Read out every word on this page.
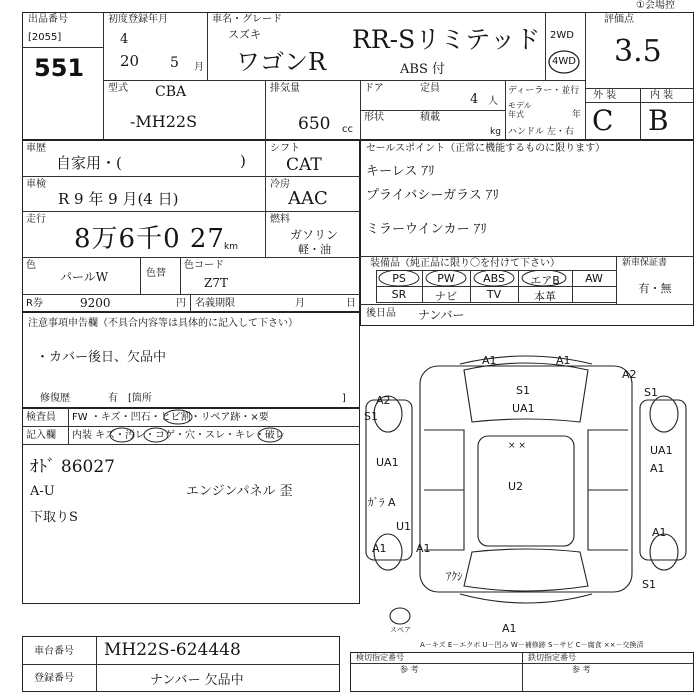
①会場控
出品番号
[2055]
551
初度登録年月
4
20 5 月
車名・グレード
スズキ
ワゴンR
RR-Sリミテッド
ABS 付
2WD
4WD
評価点
3.5
外 装	内 装
C B
型式 CBA
-MH22S
排気量
650 cc
ドア	定員
4 人
形状	積載
kg
ディーラー・並行
モデル年式	年
ハンドル 左・右
車歴
自家用・(	)
シフト
CAT
車検
R 9 年 9 月(4 日)
冷房
AAC
走行
8万6千0 27 km
燃料
ガソリン
軽・油
色
パールW	色替
色コード
Z7T
R券	9200	円 名義期限	月	日
セールスポイント（正常に機能するものに限ります）
キーレス ｱﾘ
プライバシーガラス ｱﾘ
ミラーウインカー ｱﾘ
装備品（純正品に限り〇を付けて下さい）	新車保証書
PS	PW	ABS	エアB	AW
SR	ナビ	TV	本革
有・無
後日品 ナンバー
注意事項申告欄（不具合内容等は具体的に記入して下さい）
・カバー後日、欠品中
修復歴	有 [箇所	]
検査員
記入欄
FW ・キズ・凹石・ヒビ割・リペア跡・×要
内装 キズ・汚レ・コゲ・穴・スレ・キレ・破レ
ｵﾄﾞ 86027
A-U
下取りS
エンジンパネル 歪
車台番号 MH22S-624448
登録番号	ナンバー 欠品中
スペア
A1	A1
A2
S1
A2
S1
S1
UA1
UA1
A1
UA1
ｶﾞﾗ A
U1
U2
A1
A1
A1
ｱｸｼ
S1
A1
× ×
A－キズ E－エクボ U－凹み W－補修跡 S－サビ C－腐食 ××－交換済
検切指定番号
参 考
鉄切指定番号
参 考
